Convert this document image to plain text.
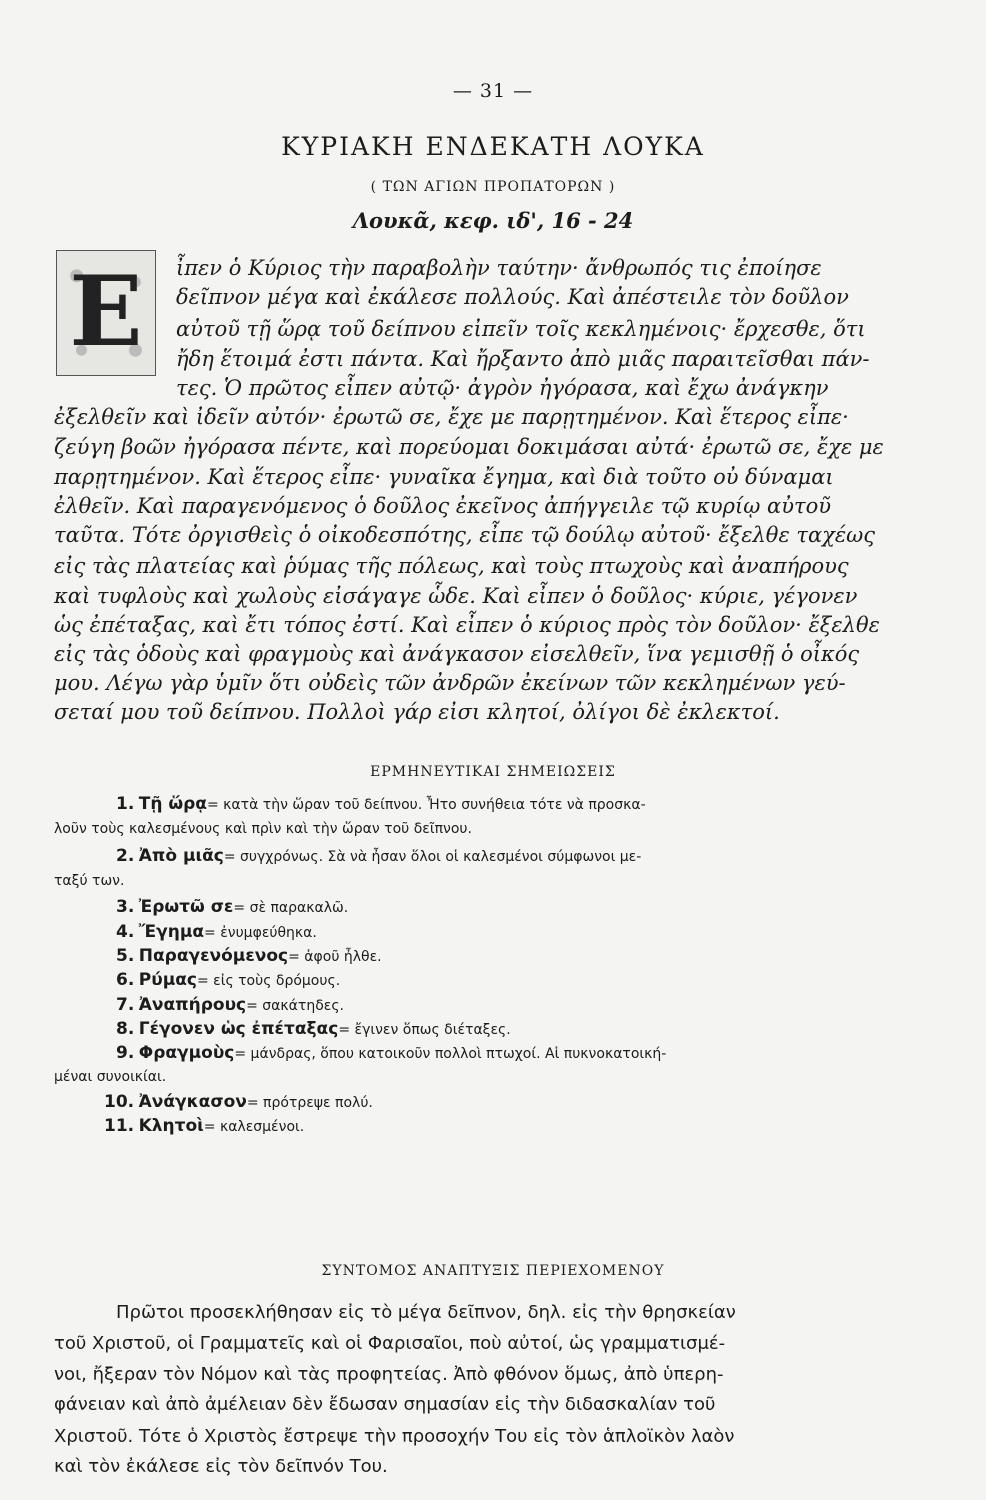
— 31 —
ΚΥΡΙΑΚΗ ΕΝΔΕΚΑΤΗ ΛΟΥΚΑ
( ΤΩΝ ΑΓΙΩΝ ΠΡΟΠΑΤΟΡΩΝ )
Λουκᾶ, κεφ. ιδ', 16 - 24
Ε	ἶπεν ὁ Κύριος τὴν παραβολὴν ταύτην· ἄνθρωπός τις ἐποίησε
δεῖπνον μέγα καὶ ἐκάλεσε πολλούς. Καὶ ἀπέστειλε τὸν δοῦλον
αὐτοῦ τῇ ὥρᾳ τοῦ δείπνου εἰπεῖν τοῖς κεκλημένοις· ἔρχεσθε, ὅτι
ἤδη ἕτοιμά ἐστι πάντα. Καὶ ἤρξαντο ἀπὸ μιᾶς παραιτεῖσθαι πάν-
τες. Ὁ πρῶτος εἶπεν αὐτῷ· ἀγρὸν ἠγόρασα, καὶ ἔχω ἀνάγκην
ἐξελθεῖν καὶ ἰδεῖν αὐτόν· ἐρωτῶ σε, ἔχε με παρῃτημένον. Καὶ ἕτερος εἶπε·
ζεύγη βοῶν ἠγόρασα πέντε, καὶ πορεύομαι δοκιμάσαι αὐτά· ἐρωτῶ σε, ἔχε με
παρῃτημένον. Καὶ ἕτερος εἶπε· γυναῖκα ἔγημα, καὶ διὰ τοῦτο οὐ δύναμαι
ἐλθεῖν. Καὶ παραγενόμενος ὁ δοῦλος ἐκεῖνος ἀπήγγειλε τῷ κυρίῳ αὐτοῦ
ταῦτα. Τότε ὀργισθεὶς ὁ οἰκοδεσπότης, εἶπε τῷ δούλῳ αὐτοῦ· ἔξελθε ταχέως
εἰς τὰς πλατείας καὶ ῥύμας τῆς πόλεως, καὶ τοὺς πτωχοὺς καὶ ἀναπήρους
καὶ τυφλοὺς καὶ χωλοὺς εἰσάγαγε ὧδε. Καὶ εἶπεν ὁ δοῦλος· κύριε, γέγονεν
ὡς ἐπέταξας, καὶ ἔτι τόπος ἐστί. Καὶ εἶπεν ὁ κύριος πρὸς τὸν δοῦλον· ἔξελθε
εἰς τὰς ὁδοὺς καὶ φραγμοὺς καὶ ἀνάγκασον εἰσελθεῖν, ἵνα γεμισθῇ ὁ οἶκός
μου. Λέγω γὰρ ὑμῖν ὅτι οὐδεὶς τῶν ἀνδρῶν ἐκείνων τῶν κεκλημένων γεύ-
σεταί μου τοῦ δείπνου. Πολλοὶ γάρ εἰσι κλητοί, ὀλίγοι δὲ ἐκλεκτοί.
ΕΡΜΗΝΕΥΤΙΚΑΙ ΣΗΜΕΙΩΣΕΙΣ
1. Τῇ ὥρᾳ= κατὰ τὴν ὥραν τοῦ δείπνου. Ἦτο συνήθεια τότε νὰ προσκα-
λοῦν τοὺς καλεσμένους καὶ πρὶν καὶ τὴν ὥραν τοῦ δεῖπνου.
2. Ἀπὸ μιᾶς= συγχρόνως. Σὰ νὰ ἦσαν ὅλοι οἱ καλεσμένοι σύμφωνοι με-
ταξύ των.
3. Ἐρωτῶ σε= σὲ παρακαλῶ.
4. Ἔγημα= ἐνυμφεύθηκα.
5. Παραγενόμενος= ἀφοῦ ἦλθε.
6. Ρύμας= εἰς τοὺς δρόμους.
7. Ἀναπήρους= σακάτηδες.
8. Γέγονεν ὡς ἐπέταξας= ἔγινεν ὅπως διέταξες.
9. Φραγμοὺς= μάνδρας, ὅπου κατοικοῦν πολλοὶ πτωχοί. Αἱ πυκνοκατοική-
μέναι συνοικίαι.
10. Ἀνάγκασον= πρότρεψε πολύ.
11. Κλητοὶ= καλεσμένοι.
ΣΥΝΤΟΜΟΣ ΑΝΑΠΤΥΞΙΣ ΠΕΡΙΕΧΟΜΕΝΟΥ
Πρῶτοι προσεκλήθησαν εἰς τὸ μέγα δεῖπνον, δηλ. εἰς τὴν θρησκείαν
τοῦ Χριστοῦ, οἱ Γραμματεῖς καὶ οἱ Φαρισαῖοι, ποὺ αὐτοί, ὡς γραμματισμέ-
νοι, ἤξεραν τὸν Νόμον καὶ τὰς προφητείας. Ἀπὸ φθόνον ὅμως, ἀπὸ ὑπερη-
φάνειαν καὶ ἀπὸ ἀμέλειαν δὲν ἔδωσαν σημασίαν εἰς τὴν διδασκαλίαν τοῦ
Χριστοῦ. Τότε ὁ Χριστὸς ἔστρεψε τὴν προσοχήν Του εἰς τὸν ἁπλοϊκὸν λαὸν
καὶ τὸν ἐκάλεσε εἰς τὸν δεῖπνόν Του.
